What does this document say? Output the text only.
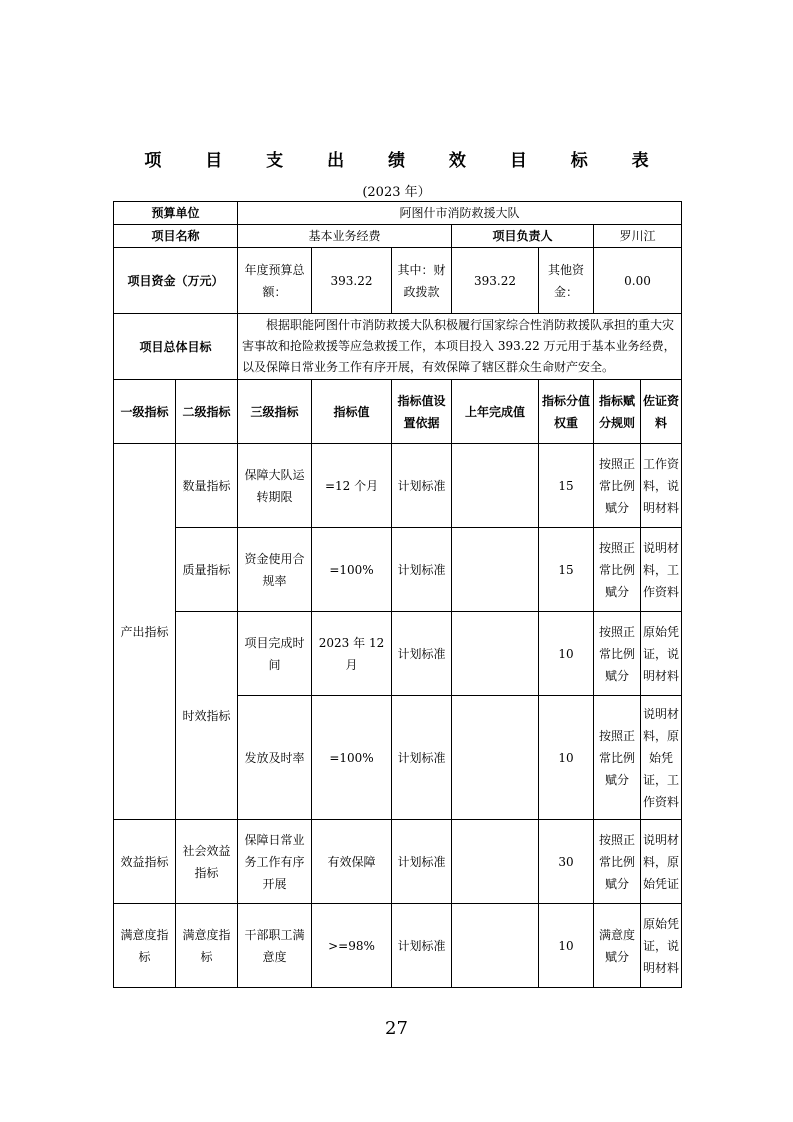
项 目 支 出 绩 效 目 标 表
(2023 年）
预算单位		阿图什市消防救援大队						
项目名称		基本业务经费			项目负责人		罗川江	
项目资金（万元）		年度预算总额：	393.22	其中：财政拨款	393.22	其他资金：	0.00	
项目总体目标		根据职能阿图什市消防救援大队积极履行国家综合性消防救援队承担的重大灾害事故和抢险救援等应急救援工作，本项目投入 393.22 万元用于基本业务经费，以及保障日常业务工作有序开展，有效保障了辖区群众生命财产安全。						
一级指标	二级指标	三级指标	指标值	指标值设置依据	上年完成值	指标分值权重	指标赋分规则	佐证资料
产出指标	数量指标	保障大队运转期限	=12 个月	计划标准		15	按照正常比例赋分	工作资料，说明材料
	质量指标	资金使用合规率	=100%	计划标准		15	按照正常比例赋分	说明材料，工作资料
	时效指标	项目完成时间	2023 年 12 月	计划标准		10	按照正常比例赋分	原始凭证，说明材料
		发放及时率	=100%	计划标准		10	按照正常比例赋分	说明材料，原始凭证，工作资料
效益指标	社会效益指标	保障日常业务工作有序开展	有效保障	计划标准		30	按照正常比例赋分	说明材料，原始凭证
满意度指标	满意度指标	干部职工满意度	>=98%	计划标准		10	满意度赋分	原始凭证，说明材料
27
